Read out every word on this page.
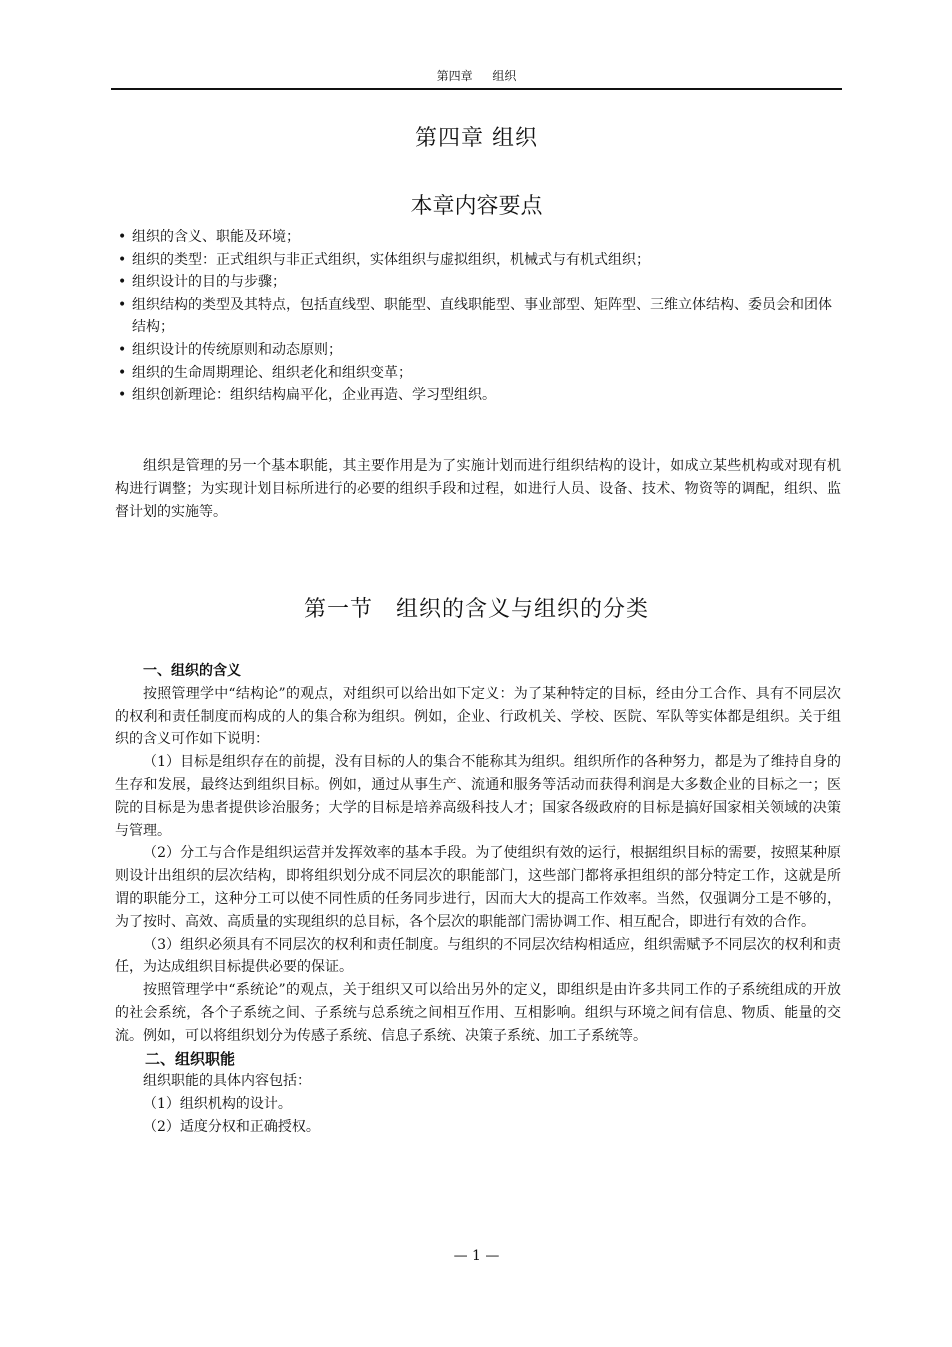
第四章 组织
第四章 组织
本章内容要点
• 组织的含义、职能及环境；
• 组织的类型：正式组织与非正式组织，实体组织与虚拟组织，机械式与有机式组织；
• 组织设计的目的与步骤；
• 组织结构的类型及其特点，包括直线型、职能型、直线职能型、事业部型、矩阵型、三维立体结构、委员会和团体结构；
• 组织设计的传统原则和动态原则；
• 组织的生命周期理论、组织老化和组织变革；
• 组织创新理论：组织结构扁平化，企业再造、学习型组织。

组织是管理的另一个基本职能，其主要作用是为了实施计划而进行组织结构的设计，如成立某些机构或对现有机构进行调整；为实现计划目标所进行的必要的组织手段和过程，如进行人员、设备、技术、物资等的调配，组织、监督计划的实施等。

第一节　组织的含义与组织的分类

一、组织的含义

按照管理学中“结构论”的观点，对组织可以给出如下定义：为了某种特定的目标，经由分工合作、具有不同层次的权利和责任制度而构成的人的集合称为组织。例如，企业、行政机关、学校、医院、军队等实体都是组织。关于组织的含义可作如下说明：

（1）目标是组织存在的前提，没有目标的人的集合不能称其为组织。组织所作的各种努力，都是为了维持自身的生存和发展，最终达到组织目标。例如，通过从事生产、流通和服务等活动而获得利润是大多数企业的目标之一；医院的目标是为患者提供诊治服务；大学的目标是培养高级科技人才；国家各级政府的目标是搞好国家相关领域的决策与管理。

（2）分工与合作是组织运营并发挥效率的基本手段。为了使组织有效的运行，根据组织目标的需要，按照某种原则设计出组织的层次结构，即将组织划分成不同层次的职能部门，这些部门都将承担组织的部分特定工作，这就是所谓的职能分工，这种分工可以使不同性质的任务同步进行，因而大大的提高工作效率。当然，仅强调分工是不够的，为了按时、高效、高质量的实现组织的总目标，各个层次的职能部门需协调工作、相互配合，即进行有效的合作。

（3）组织必须具有不同层次的权利和责任制度。与组织的不同层次结构相适应，组织需赋予不同层次的权利和责任，为达成组织目标提供必要的保证。

按照管理学中“系统论”的观点，关于组织又可以给出另外的定义，即组织是由许多共同工作的子系统组成的开放的社会系统，各个子系统之间、子系统与总系统之间相互作用、互相影响。组织与环境之间有信息、物质、能量的交流。例如，可以将组织划分为传感子系统、信息子系统、决策子系统、加工子系统等。

二、组织职能

组织职能的具体内容包括：

（1）组织机构的设计。

（2）适度分权和正确授权。

— 1 —
